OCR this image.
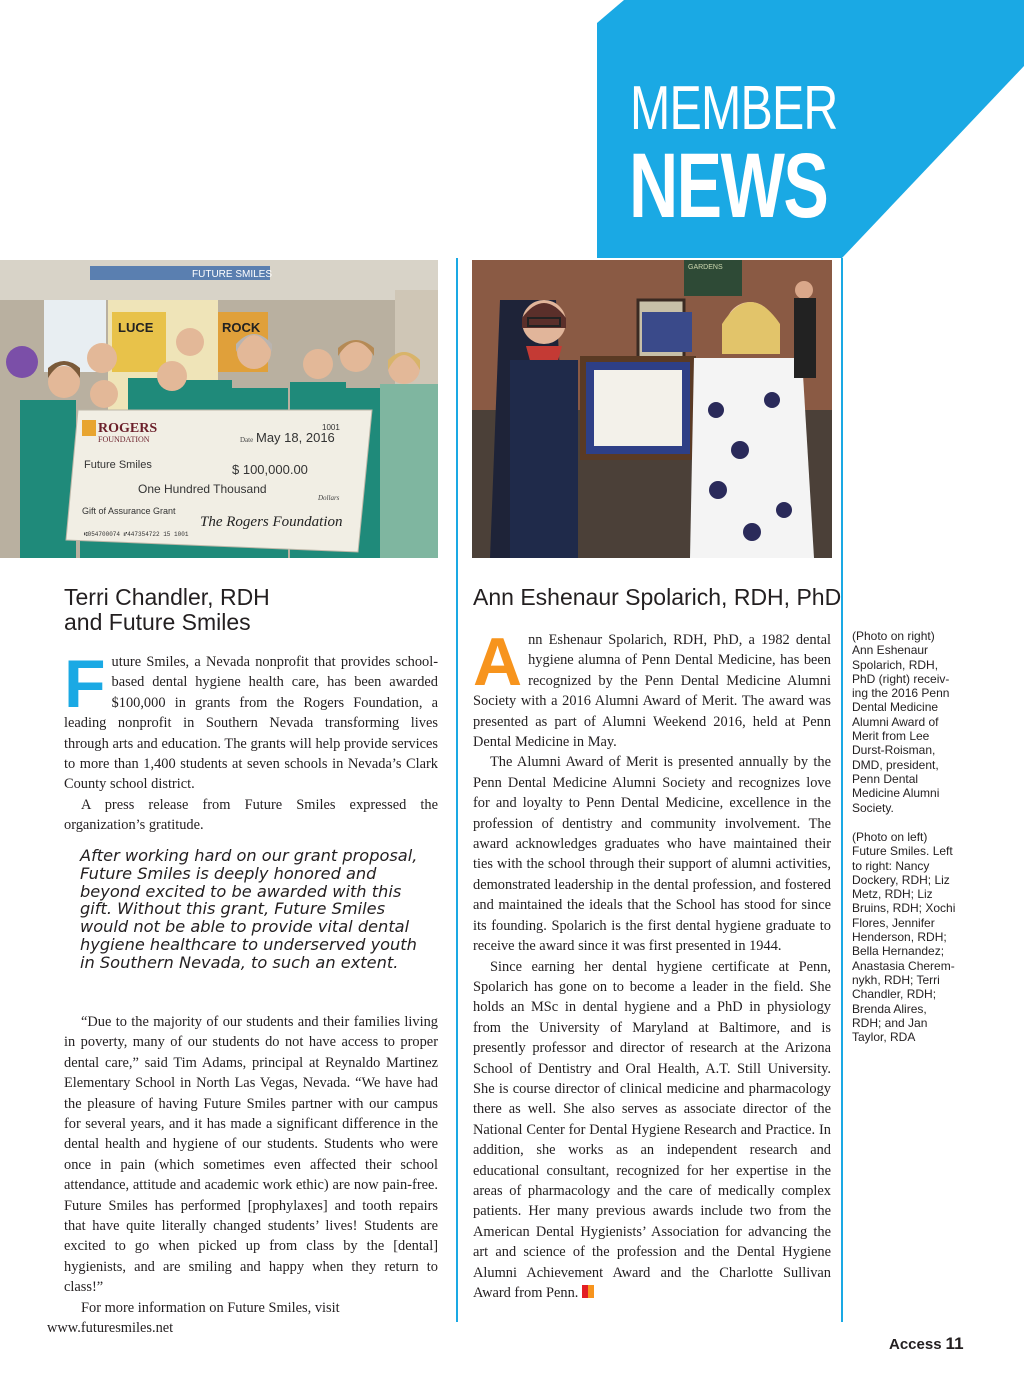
MEMBER
NEWS
FUTURE SMILES
LUCE	ROCK
ROGERS
FOUNDATION
1001
Date May 18, 2016
Future Smiles	$ 100,000.00
One Hundred Thousand
Dollars
Gift of Assurance Grant
The Rogers Foundation
⑆054700074 ⑈447354722 15 1001
GARDENS
Terri Chandler, RDH
and Future Smiles

Future Smiles, a Nevada nonprofit that provides school-based dental hygiene health care, has been awarded $100,000 in grants from the Rogers Foundation, a leading nonprofit in Southern Nevada transforming lives through arts and education. The grants will help provide services to more than 1,400 students at seven schools in Nevada’s Clark County school district.

A press release from Future Smiles expressed the organization’s gratitude.

After working hard on our grant proposal, Future Smiles is deeply honored and beyond excited to be awarded with this gift. Without this grant, Future Smiles would not be able to provide vital dental hygiene healthcare to underserved youth in Southern Nevada, to such an extent.

“Due to the majority of our students and their families living in poverty, many of our students do not have access to proper dental care,” said Tim Adams, principal at Reynaldo Martinez Elementary School in North Las Vegas, Nevada. “We have had the pleasure of having Future Smiles partner with our campus for several years, and it has made a significant difference in the dental health and hygiene of our students. Students who were once in pain (which sometimes even affected their school attendance, attitude and academic work ethic) are now pain-free. Future Smiles has performed [prophylaxes] and tooth repairs that have quite literally changed students’ lives! Students are excited to go when picked up from class by the [dental] hygienists, and are smiling and happy when they return to class!”

For more information on Future Smiles, visit
www.futuresmiles.net

Ann Eshenaur Spolarich, RDH, PhD

Ann Eshenaur Spolarich, RDH, PhD, a 1982 dental hygiene alumna of Penn Dental Medicine, has been recognized by the Penn Dental Medicine Alumni Society with a 2016 Alumni Award of Merit. The award was presented as part of Alumni Weekend 2016, held at Penn Dental Medicine in May.

The Alumni Award of Merit is presented annually by the Penn Dental Medicine Alumni Society and recognizes love for and loyalty to Penn Dental Medicine, excellence in the profession of dentistry and community involvement. The award acknowledges graduates who have maintained their ties with the school through their support of alumni activities, demonstrated leadership in the dental profession, and fostered and maintained the ideals that the School has stood for since its founding. Spolarich is the first dental hygiene graduate to receive the award since it was first presented in 1944.

Since earning her dental hygiene certificate at Penn, Spolarich has gone on to become a leader in the field. She holds an MSc in dental hygiene and a PhD in physiology from the University of Maryland at Baltimore, and is presently professor and director of research at the Arizona School of Dentistry and Oral Health, A.T. Still University. She is course director of clinical medicine and pharmacology there as well. She also serves as associate director of the National Center for Dental Hygiene Research and Practice. In addition, she works as an independent research and educational consultant, recognized for her expertise in the areas of pharmacology and the care of medically complex patients. Her many previous awards include two from the American Dental Hygienists’ Association for advancing the art and science of the profession and the Dental Hygiene Alumni Achievement Award and the Charlotte Sullivan Award from Penn.

(Photo on right)
Ann Eshenaur
Spolarich, RDH,
PhD (right) receiv-
ing the 2016 Penn
Dental Medicine
Alumni Award of
Merit from Lee
Durst-Roisman,
DMD, president,
Penn Dental
Medicine Alumni
Society.
(Photo on left)
Future Smiles. Left
to right: Nancy
Dockery, RDH; Liz
Metz, RDH; Liz
Bruins, RDH; Xochi
Flores, Jennifer
Henderson, RDH;
Bella Hernandez;
Anastasia Cherem-
nykh, RDH; Terri
Chandler, RDH;
Brenda Alires,
RDH; and Jan
Taylor, RDA
Access 11
